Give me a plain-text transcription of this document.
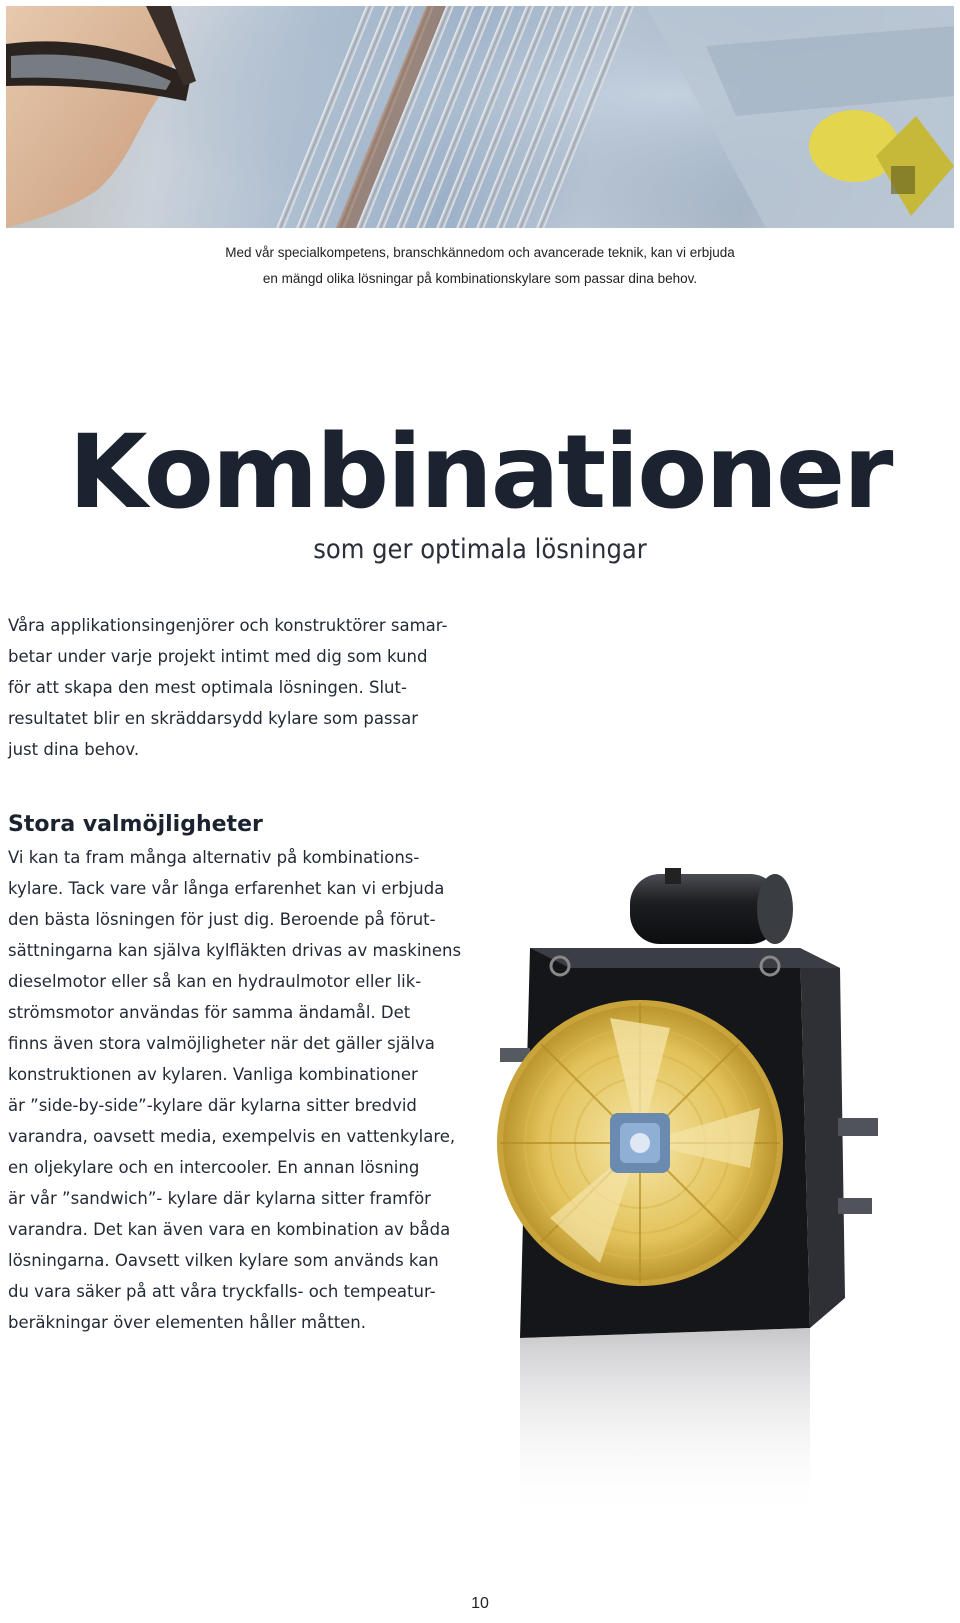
Med vår specialkompetens, branschkännedom och avancerade teknik, kan vi erbjuda
en mängd olika lösningar på kombinationskylare som passar dina behov.
Kombinationer
som ger optimala lösningar
Våra applikationsingenjörer och konstruktörer samar-
betar under varje projekt intimt med dig som kund
för att skapa den mest optimala lösningen. Slut-
resultatet blir en skräddarsydd kylare som passar
just dina behov.
Stora valmöjligheter
Vi kan ta fram många alternativ på kombinations-
kylare. Tack vare vår långa erfarenhet kan vi erbjuda
den bästa lösningen för just dig. Beroende på förut-
sättningarna kan själva kylfläkten drivas av maskinens
dieselmotor eller så kan en hydraulmotor eller lik-
strömsmotor användas för samma ändamål. Det
finns även stora valmöjligheter när det gäller själva
konstruktionen av kylaren. Vanliga kombinationer
är ”side-by-side”-kylare där kylarna sitter bredvid
varandra, oavsett media, exempelvis en vattenkylare,
en oljekylare och en intercooler. En annan lösning
är vår ”sandwich”- kylare där kylarna sitter framför
varandra. Det kan även vara en kombination av båda
lösningarna. Oavsett vilken kylare som används kan
du vara säker på att våra tryckfalls- och tempeatur-
beräkningar över elementen håller måtten.
10
